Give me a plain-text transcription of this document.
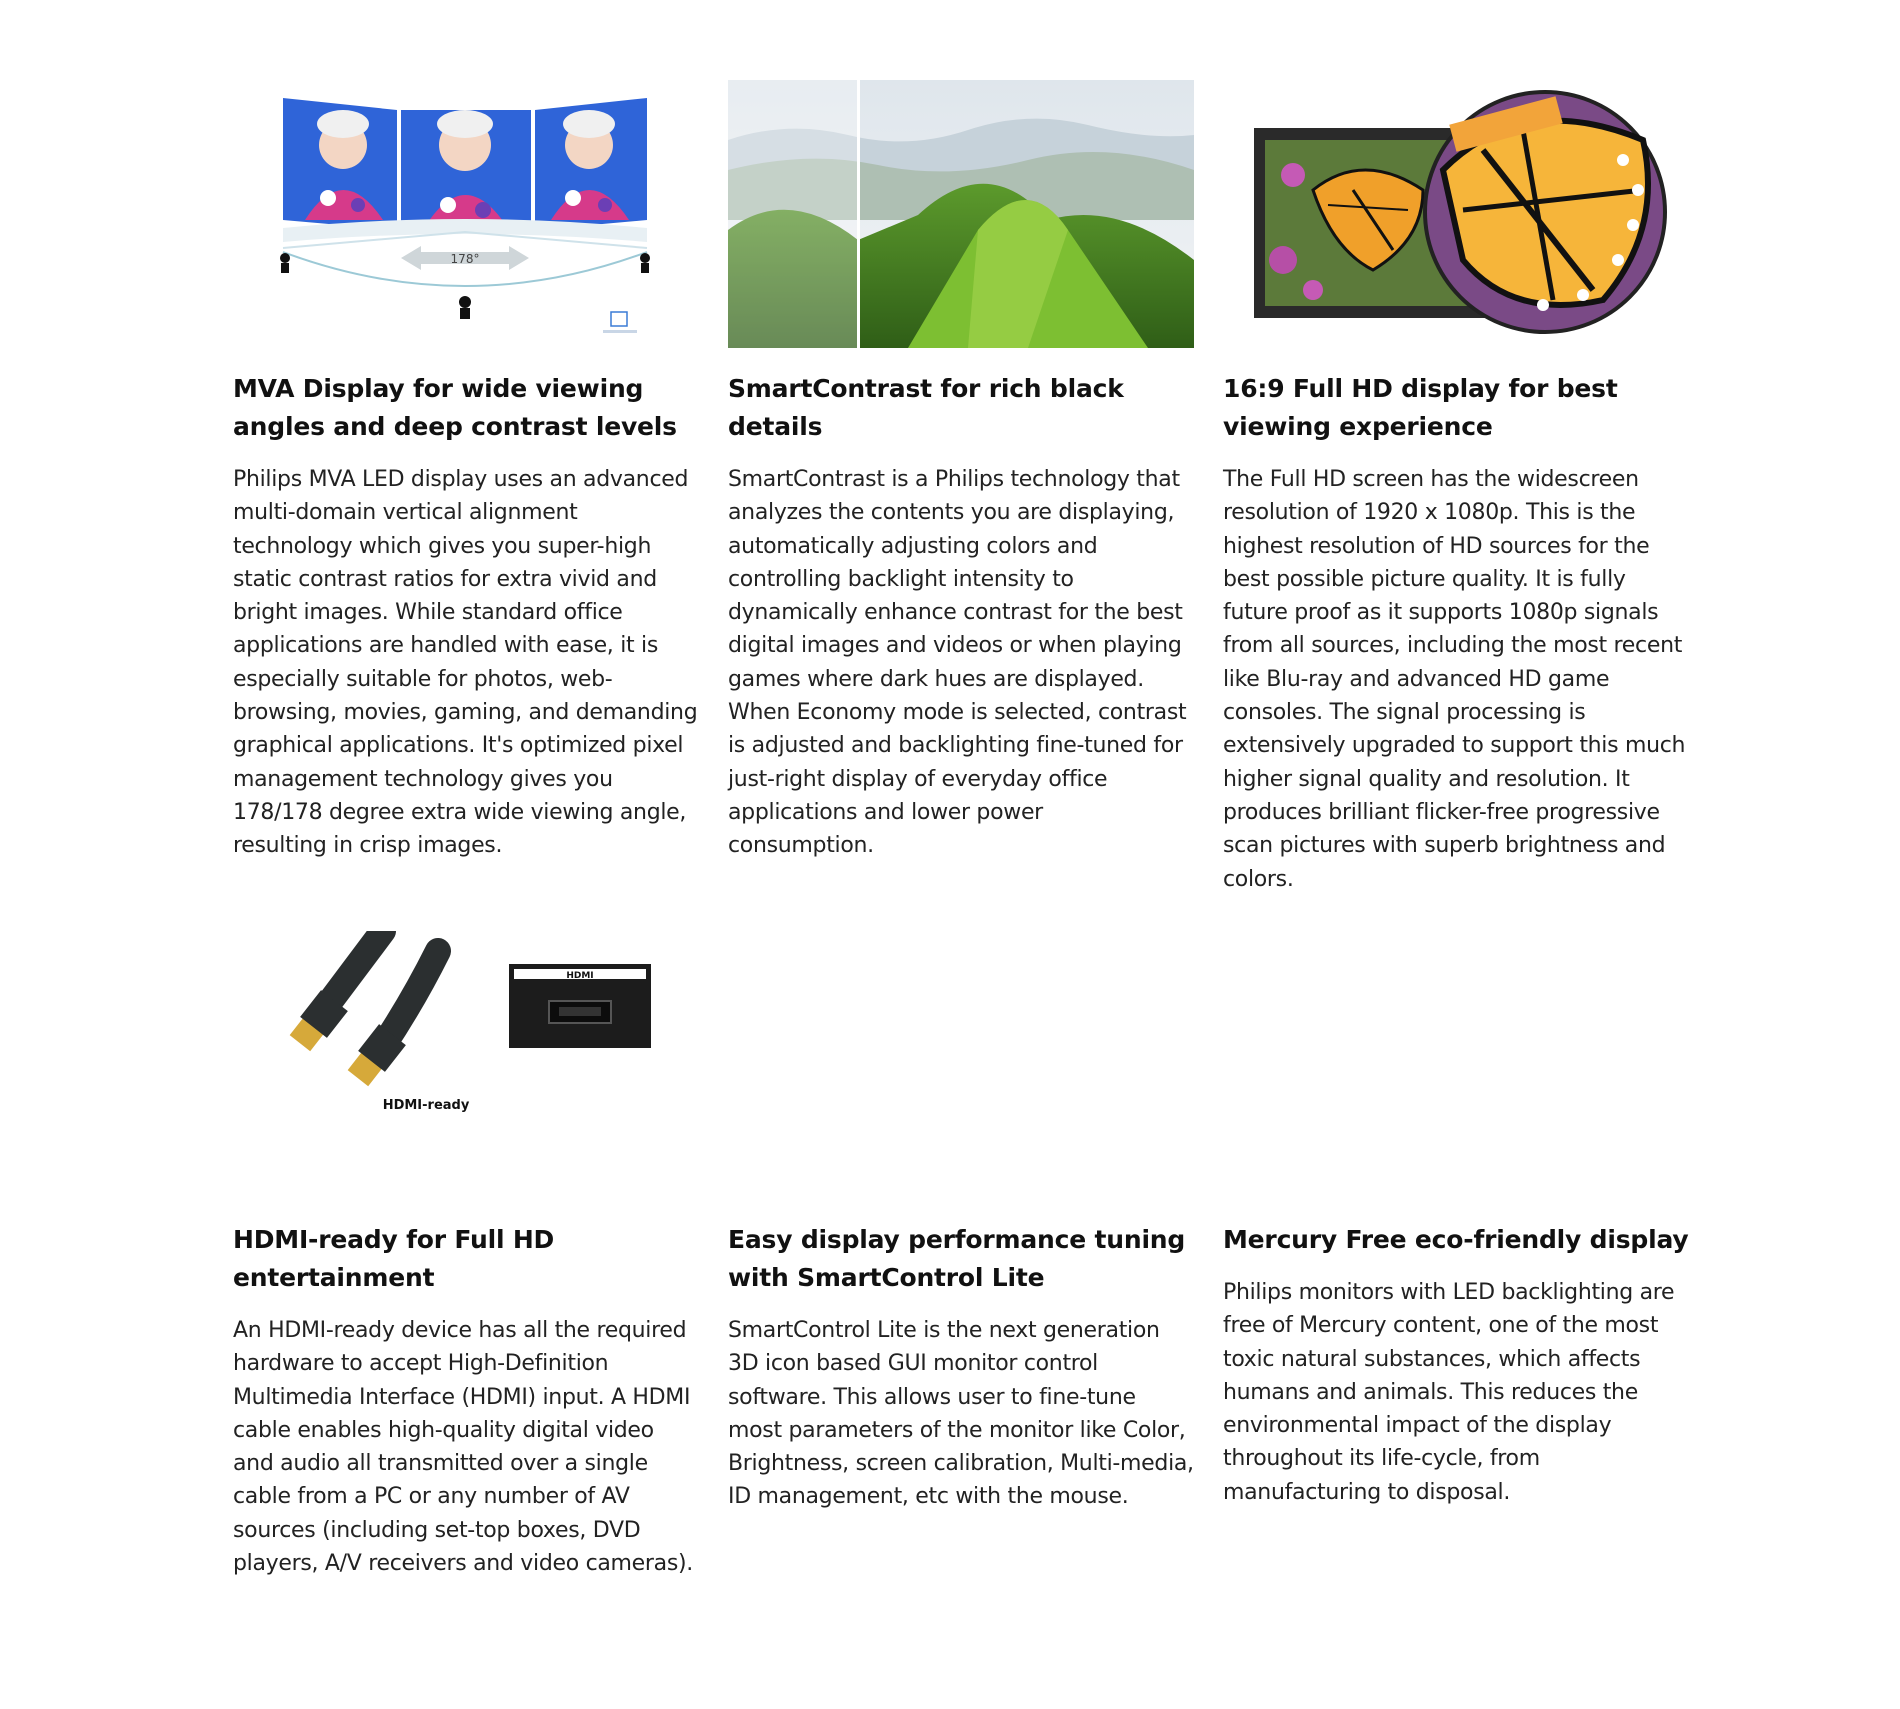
178°
MVA Display for wide viewing angles and deep contrast levels

Philips MVA LED display uses an advanced multi-domain vertical alignment technology which gives you super-high static contrast ratios for extra vivid and bright images. While standard office applications are handled with ease, it is especially suitable for photos, web-browsing, movies, gaming, and demanding graphical applications. It's optimized pixel management technology gives you 178/178 degree extra wide viewing angle, resulting in crisp images.

SmartContrast for rich black details

SmartContrast is a Philips technology that analyzes the contents you are displaying, automatically adjusting colors and controlling backlight intensity to dynamically enhance contrast for the best digital images and videos or when playing games where dark hues are displayed. When Economy mode is selected, contrast is adjusted and backlighting fine-tuned for just-right display of everyday office applications and lower power consumption.

16:9 Full HD display for best viewing experience

The Full HD screen has the widescreen resolution of 1920 x 1080p. This is the highest resolution of HD sources for the best possible picture quality. It is fully future proof as it supports 1080p signals from all sources, including the most recent like Blu-ray and advanced HD game consoles. The signal processing is extensively upgraded to support this much higher signal quality and resolution. It produces brilliant flicker-free progressive scan pictures with superb brightness and colors.

HDMI
HDMI-ready
HDMI-ready for Full HD entertainment

An HDMI-ready device has all the required hardware to accept High-Definition Multimedia Interface (HDMI) input. A HDMI cable enables high-quality digital video and audio all transmitted over a single cable from a PC or any number of AV sources (including set-top boxes, DVD players, A/V receivers and video cameras).

Easy display performance tuning with SmartControl Lite

SmartControl Lite is the next generation 3D icon based GUI monitor control software. This allows user to fine-tune most parameters of the monitor like Color, Brightness, screen calibration, Multi-media, ID management, etc with the mouse.

Mercury Free eco-friendly display

Philips monitors with LED backlighting are free of Mercury content, one of the most toxic natural substances, which affects humans and animals. This reduces the environmental impact of the display throughout its life-cycle, from manufacturing to disposal.
